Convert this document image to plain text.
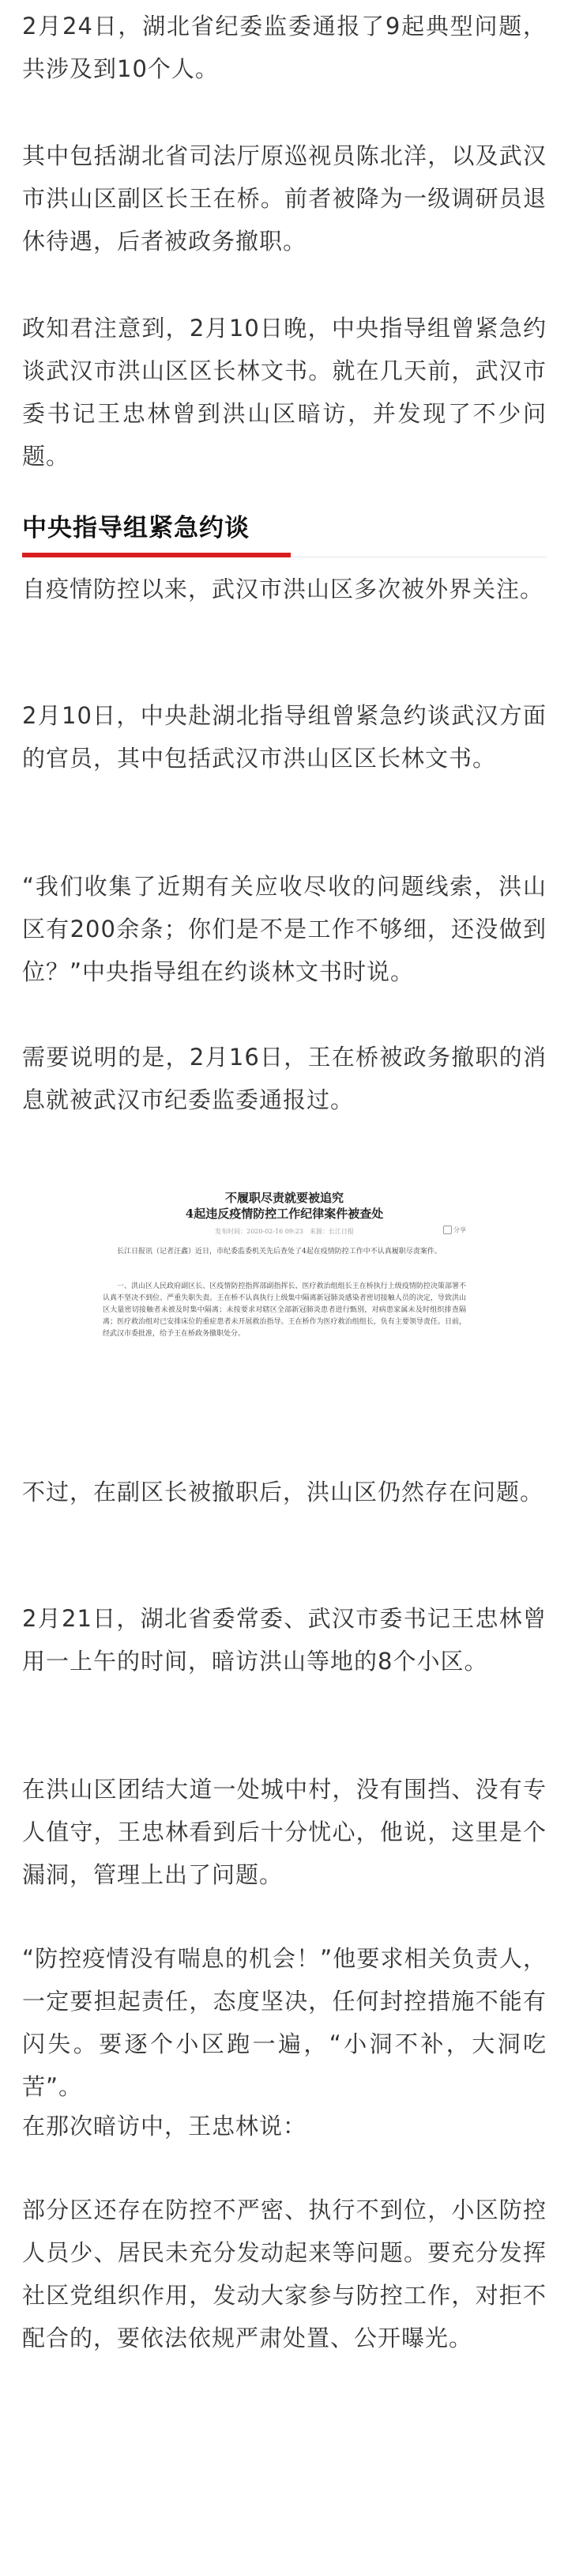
2月24日，湖北省纪委监委通报了9起典型问题，共涉及到10个人。

其中包括湖北省司法厅原巡视员陈北洋，以及武汉市洪山区副区长王在桥。前者被降为一级调研员退休待遇，后者被政务撤职。

政知君注意到，2月10日晚，中央指导组曾紧急约谈武汉市洪山区区长林文书。就在几天前，武汉市委书记王忠林曾到洪山区暗访，并发现了不少问题。

中央指导组紧急约谈

自疫情防控以来，武汉市洪山区多次被外界关注。

2月10日，中央赴湖北指导组曾紧急约谈武汉方面的官员，其中包括武汉市洪山区区长林文书。

“我们收集了近期有关应收尽收的问题线索，洪山区有200余条；你们是不是工作不够细，还没做到位？”中央指导组在约谈林文书时说。

需要说明的是，2月16日，王在桥被政务撤职的消息就被武汉市纪委监委通报过。

不履职尽责就要被追究
4起违反疫情防控工作纪律案件被查处
发布时间：2020-02-16 09:23　来源：长江日报	分享

长江日报讯（记者汪鑫）近日，市纪委监委机关先后查处了4起在疫情防控工作中不认真履职尽责案件。

一、洪山区人民政府副区长、区疫情防控指挥部副指挥长、医疗救治组组长王在桥执行上级疫情防控决策部署不认真不坚决不到位、严重失职失责。王在桥不认真执行上级集中隔离新冠肺炎感染者密切接触人员的决定，导致洪山区大量密切接触者未被及时集中隔离；未按要求对辖区全部新冠肺炎患者进行甄别，对病患家属未及时组织排查隔离；医疗救治组对已安排床位的重症患者未开展救治指导。王在桥作为医疗救治组组长，负有主要领导责任。日前，经武汉市委批准，给予王在桥政务撤职处分。

不过，在副区长被撤职后，洪山区仍然存在问题。

2月21日，湖北省委常委、武汉市委书记王忠林曾用一上午的时间，暗访洪山等地的8个小区。

在洪山区团结大道一处城中村，没有围挡、没有专人值守，王忠林看到后十分忧心，他说，这里是个漏洞，管理上出了问题。

“防控疫情没有喘息的机会！”他要求相关负责人，一定要担起责任，态度坚决，任何封控措施不能有闪失。要逐个小区跑一遍，“小洞不补，大洞吃苦”。

在那次暗访中，王忠林说：

部分区还存在防控不严密、执行不到位，小区防控人员少、居民未充分发动起来等问题。要充分发挥社区党组织作用，发动大家参与防控工作，对拒不配合的，要依法依规严肃处置、公开曝光。
